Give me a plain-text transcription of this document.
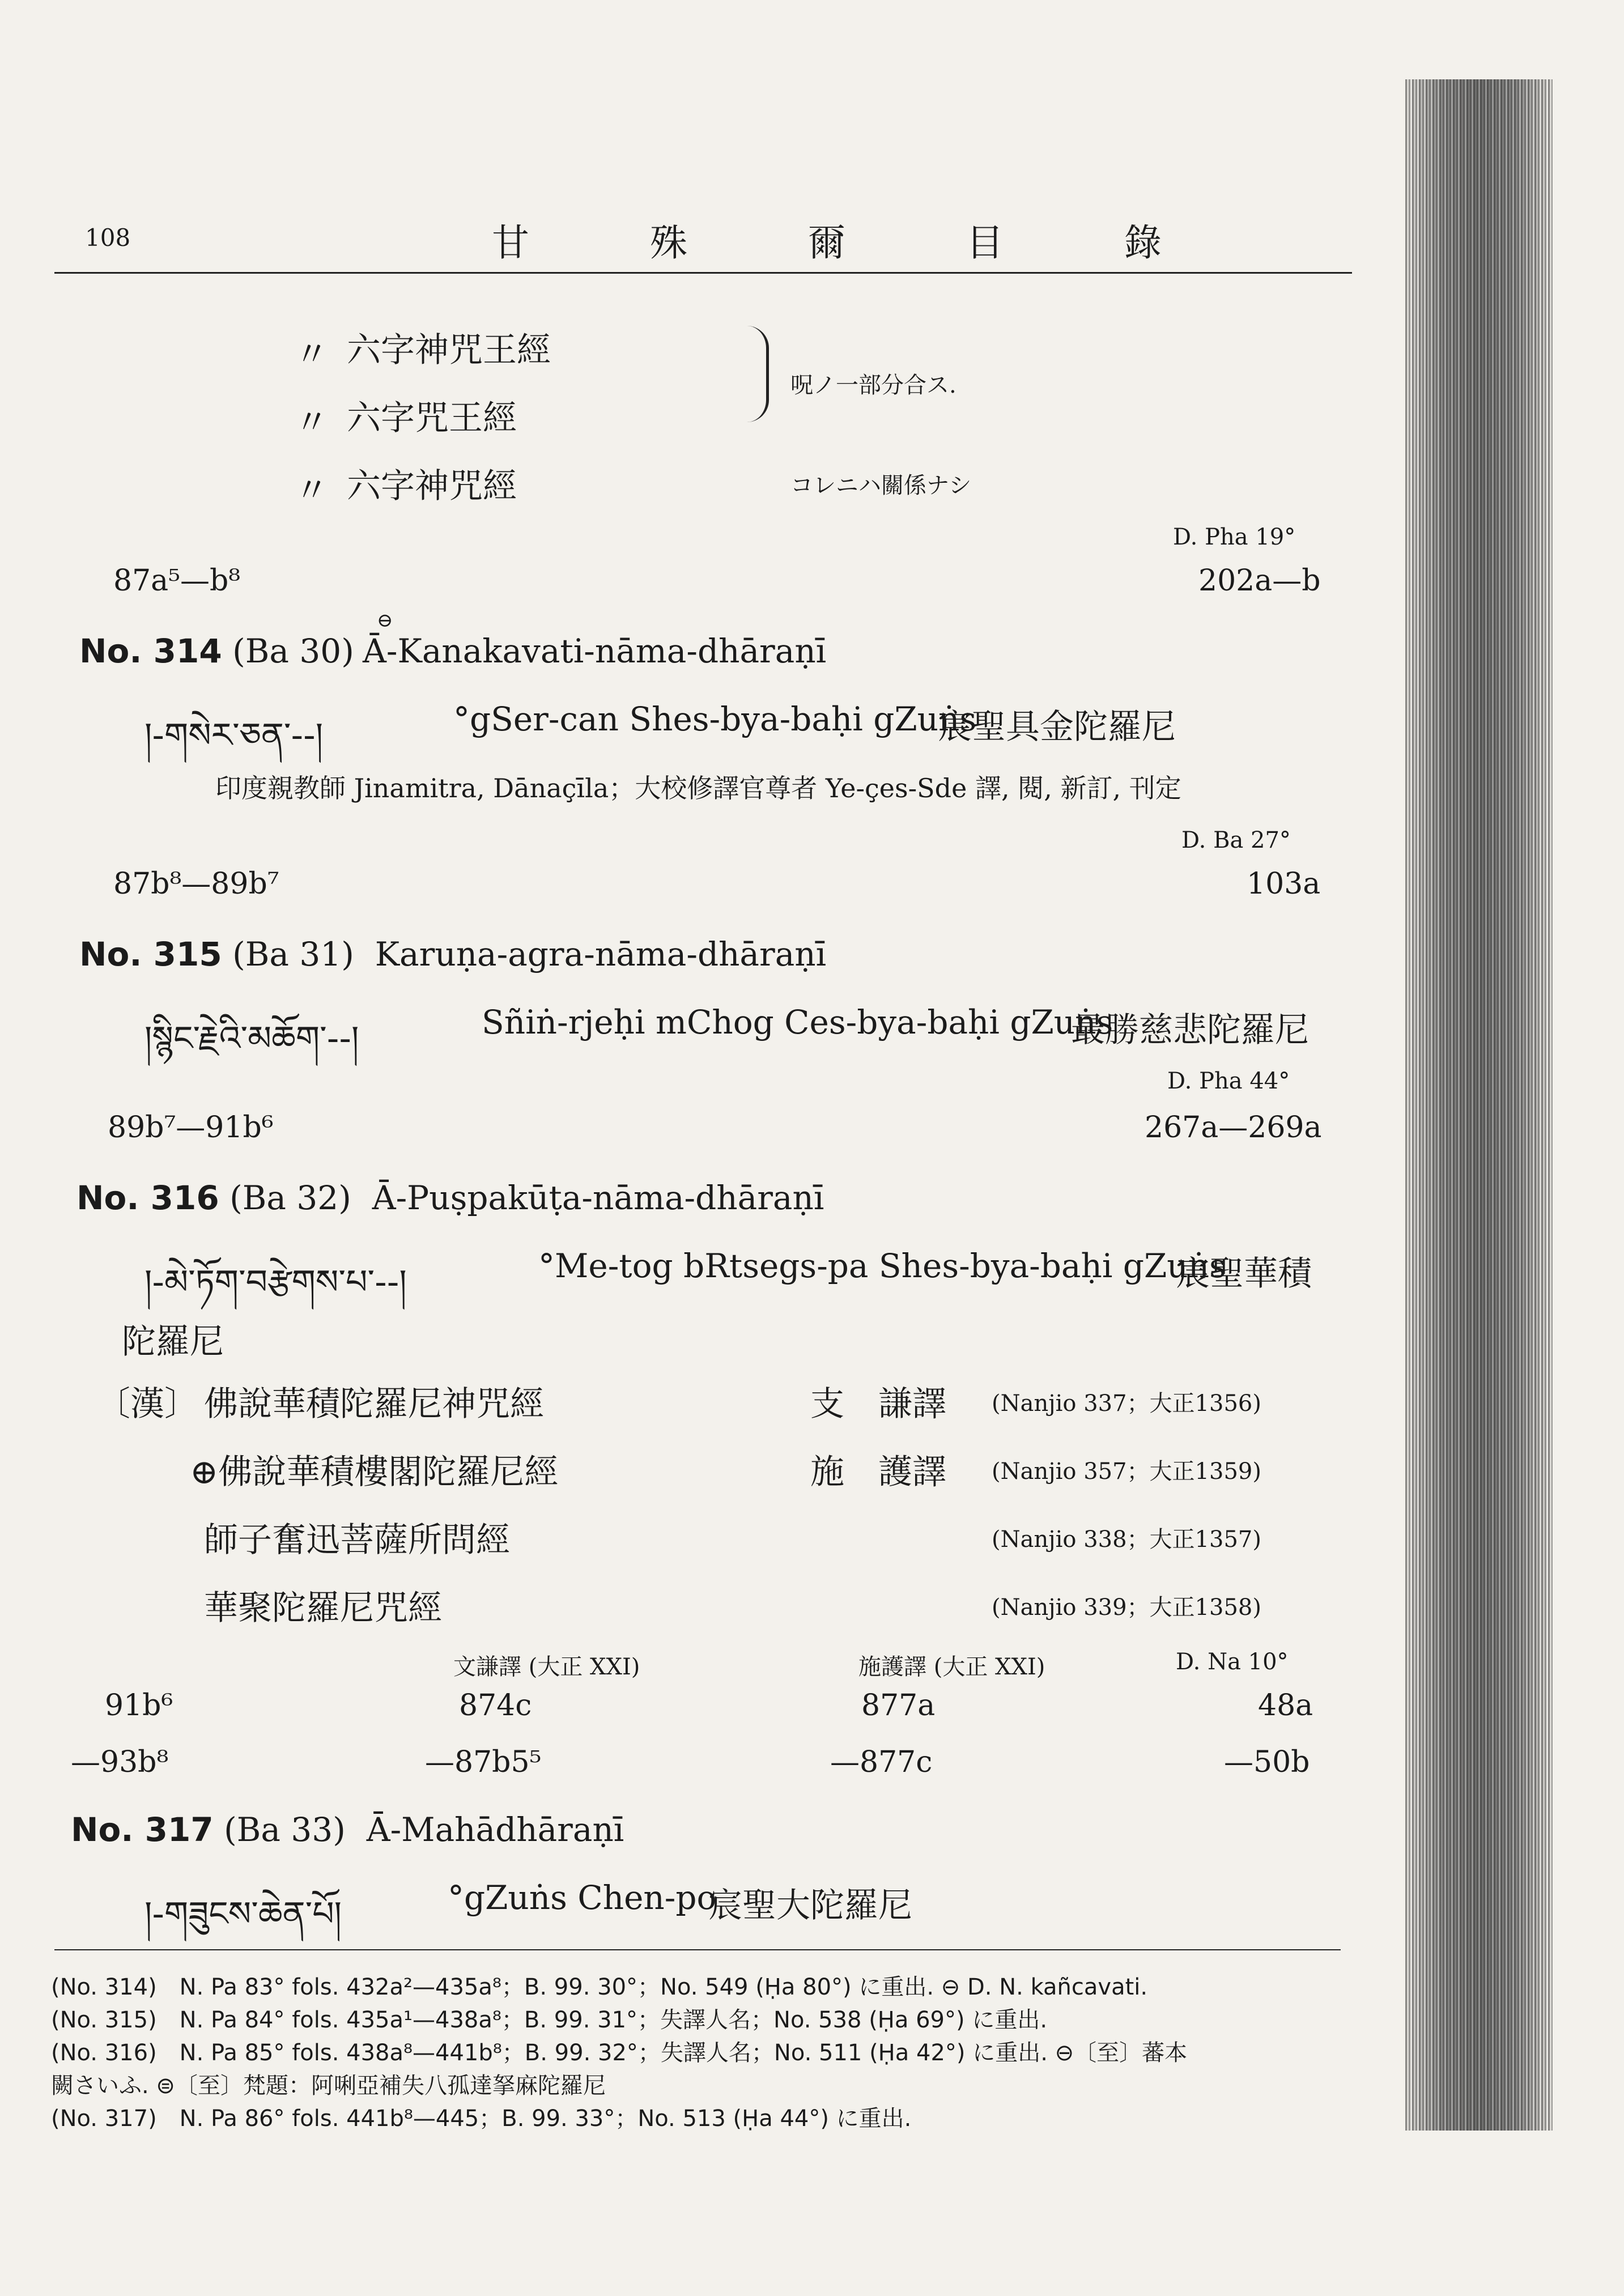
108	甘 殊 爾 目 錄
〃 六字神咒王經
〃 六字咒王經
〃 六字神咒經
呪ノ一部分合ス.
コレニハ關係ナシ
D. Pha 19°
87a⁵—b⁸	202a—b
No. 314 (Ba 30)
⊖
Ā-Kanakavati-nāma-dhāraṇī
།-གསེར་ཅན་--།	°gSer-can Shes-bya-baḥi gZuṅs
宸聖具金陀羅尼
印度親教師 Jinamitra, Dānaçīla；大校修譯官尊者 Ye-çes-Sde 譯, 閱, 新訂, 刊定
D. Ba 27°
87b⁸—89b⁷	103a
No. 315 (Ba 31) Karuṇa-agra-nāma-dhāraṇī
།སྙིང་རྗེའི་མཆོག་--།	Sñiṅ-rjeḥi mChog Ces-bya-baḥi gZuṅs
最勝慈悲陀羅尼
D. Pha 44°
89b⁷—91b⁶	267a—269a
No. 316 (Ba 32) Ā-Puṣpakūṭa-nāma-dhāraṇī
།-མེ་ཏོག་བརྩེགས་པ་--།	°Me-tog bRtsegs-pa Shes-bya-baḥi gZuṅs
宸聖華積
陀羅尼
〔漢〕 佛說華積陀羅尼神咒經	支　謙譯 (Nanjio 337；大正1356)
⊕佛說華積樓閣陀羅尼經	施　護譯 (Nanjio 357；大正1359)
師子奮迅菩薩所問經	(Nanjio 338；大正1357)
華聚陀羅尼咒經	(Nanjio 339；大正1358)
文謙譯 (大正 XXI)	施護譯 (大正 XXI)	D. Na 10°
91b⁶	874c	877a	48a
—93b⁸	—87b5⁵	—877c	—50b
No. 317 (Ba 33) Ā-Mahādhāraṇī
།-གཟུངས་ཆེན་པོ།	°gZuṅs Chen-po
宸聖大陀羅尼
(No. 314)　N. Pa 83° fols. 432a²—435a⁸；B. 99. 30°；No. 549 (Ḥa 80°) に重出. ⊖ D. N. kañcavati.
(No. 315)　N. Pa 84° fols. 435a¹—438a⁸；B. 99. 31°；失譯人名；No. 538 (Ḥa 69°) に重出.
(No. 316)　N. Pa 85° fols. 438a⁸—441b⁸；B. 99. 32°；失譯人名；No. 511 (Ḥa 42°) に重出. ⊖〔至〕蕃本
闕さいふ. ⊜〔至〕梵題：阿唎亞補失八孤達拏麻陀羅尼
(No. 317)　N. Pa 86° fols. 441b⁸—445；B. 99. 33°；No. 513 (Ḥa 44°) に重出.
